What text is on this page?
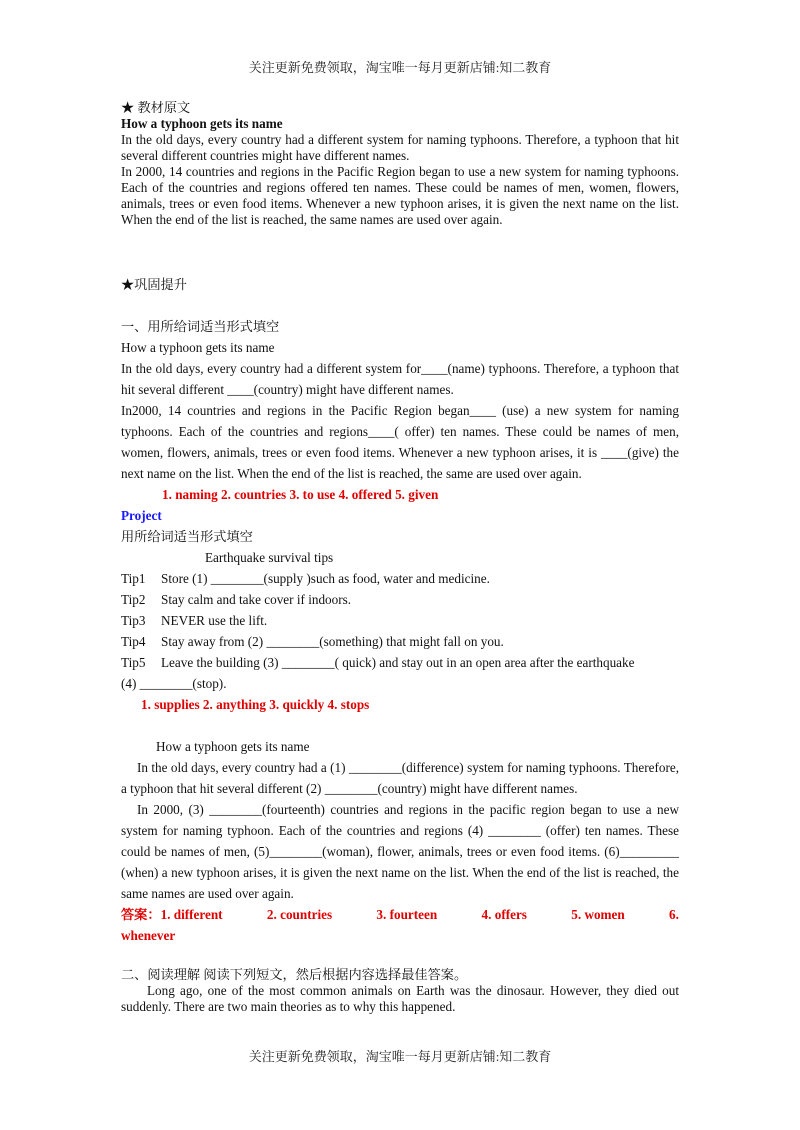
关注更新免费领取，淘宝唯一每月更新店铺:知二教育

★ 教材原文

How a typhoon gets its name

In the old days, every country had a different system for naming typhoons. Therefore, a typhoon that hit several different countries might have different names.

In 2000, 14 countries and regions in the Pacific Region began to use a new system for naming typhoons. Each of the countries and regions offered ten names. These could be names of men, women, flowers, animals, trees or even food items. Whenever a new typhoon arises, it is given the next name on the list. When the end of the list is reached, the same names are used over again.

★巩固提升

一、用所给词适当形式填空

How a typhoon gets its name

In the old days, every country had a different system for____(name) typhoons. Therefore, a typhoon that hit several different ____(country) might have different names.

In2000, 14 countries and regions in the Pacific Region began____ (use) a new system for naming typhoons. Each of the countries and regions____( offer) ten names. These could be names of men, women, flowers, animals, trees or even food items. Whenever a new typhoon arises, it is ____(give) the next name on the list. When the end of the list is reached, the same are used over again.

1. naming 2. countries 3. to use 4. offered 5. given

Project

用所给词适当形式填空

Earthquake survival tips

Tip1	Store (1) ________(supply )such as food, water and medicine.
Tip2	Stay calm and take cover if indoors.
Tip3	NEVER use the lift.
Tip4	Stay away from (2) ________(something) that might fall on you.
Tip5	Leave the building (3) ________( quick) and stay out in an open area after the earthquake

(4) ________(stop).

1. supplies 2. anything 3. quickly 4. stops

How a typhoon gets its name

In the old days, every country had a (1) ________(difference) system for naming typhoons. Therefore, a typhoon that hit several different (2) ________(country) might have different names.

In 2000, (3) ________(fourteenth) countries and regions in the pacific region began to use a new system for naming typhoon. Each of the countries and regions (4) ________ (offer) ten names. These could be names of men, (5)________(woman), flower, animals, trees or even food items. (6)_________ (when) a new typhoon arises, it is given the next name on the list. When the end of the list is reached, the same names are used over again.

答案：1. different	2. countries	3. fourteen	4. offers	5. women	6.

whenever

二、阅读理解 阅读下列短文，然后根据内容选择最佳答案。

Long ago, one of the most common animals on Earth was the dinosaur. However, they died out suddenly. There are two main theories as to why this happened.

关注更新免费领取，淘宝唯一每月更新店铺:知二教育
